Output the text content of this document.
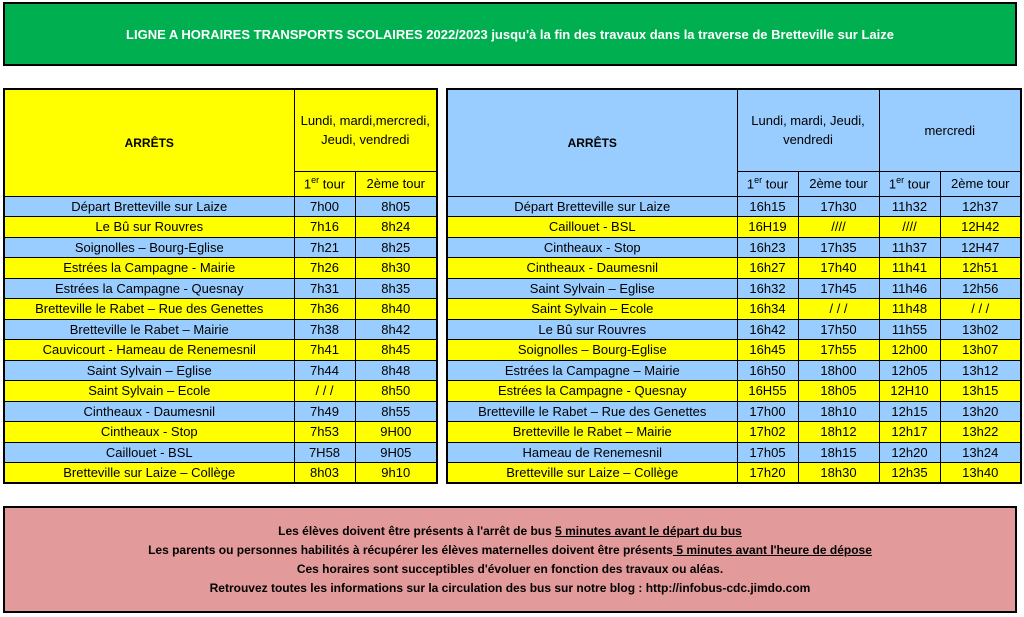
LIGNE A HORAIRES TRANSPORTS SCOLAIRES 2022/2023 jusqu'à la fin des travaux dans la traverse de Bretteville sur Laize
ARRÊTS	Lundi, mardi,mercredi, Jeudi, vendredi	
	1er tour	2ème tour
Départ Bretteville sur Laize	7h00	8h05
Le Bû sur Rouvres	7h16	8h24
Soignolles – Bourg-Eglise	7h21	8h25
Estrées la Campagne - Mairie	7h26	8h30
Estrées la Campagne - Quesnay	7h31	8h35
Bretteville le Rabet – Rue des Genettes	7h36	8h40
Bretteville le Rabet – Mairie	7h38	8h42
Cauvicourt - Hameau de Renemesnil	7h41	8h45
Saint Sylvain – Eglise	7h44	8h48
Saint Sylvain – Ecole	/ / /	8h50
Cintheaux - Daumesnil	7h49	8h55
Cintheaux - Stop	7h53	9H00
Caillouet - BSL	7H58	9H05
Bretteville sur Laize – Collège	8h03	9h10
ARRÊTS	Lundi, mardi, Jeudi, vendredi		mercredi	
	1er tour	2ème tour	1er tour	2ème tour
Départ Bretteville sur Laize	16h15	17h30	11h32	12h37
Caillouet - BSL	16H19	////	////	12H42
Cintheaux - Stop	16h23	17h35	11h37	12H47
Cintheaux - Daumesnil	16h27	17h40	11h41	12h51
Saint Sylvain – Eglise	16h32	17h45	11h46	12h56
Saint Sylvain – Ecole	16h34	/ / /	11h48	/ / /
Le Bû sur Rouvres	16h42	17h50	11h55	13h02
Soignolles – Bourg-Eglise	16h45	17h55	12h00	13h07
Estrées la Campagne – Mairie	16h50	18h00	12h05	13h12
Estrées la Campagne - Quesnay	16H55	18h05	12H10	13h15
Bretteville le Rabet – Rue des Genettes	17h00	18h10	12h15	13h20
Bretteville le Rabet – Mairie	17h02	18h12	12h17	13h22
Hameau de Renemesnil	17h05	18h15	12h20	13h24
Bretteville sur Laize – Collège	17h20	18h30	12h35	13h40
Les élèves doivent être présents à l'arrêt de bus 5 minutes avant le départ du bus
Les parents ou personnes habilités à récupérer les élèves maternelles doivent être présents 5 minutes avant l'heure de dépose
Ces horaires sont succeptibles d'évoluer en fonction des travaux ou aléas.
Retrouvez toutes les informations sur la circulation des bus sur notre blog : http://infobus-cdc.jimdo.com
